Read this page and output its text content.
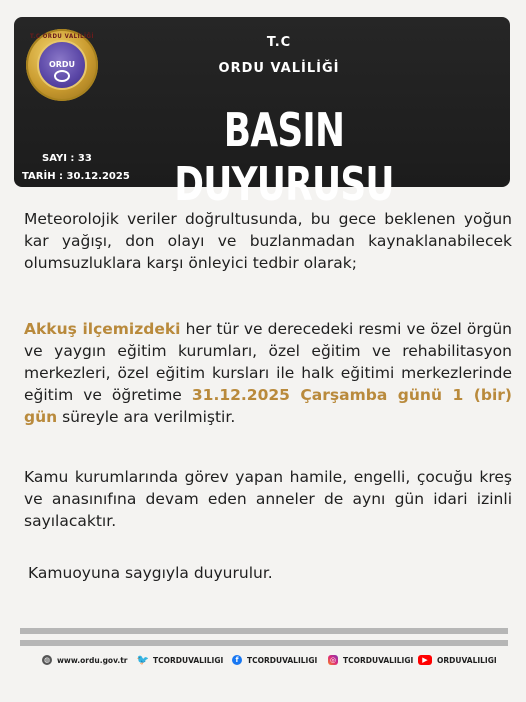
T.C ORDU VALİLİĞİ
ORDU
T.C
ORDU VALİLİĞİ
BASIN DUYURUSU
SAYI : 33
TARİH : 30.12.2025
Meteorolojik veriler doğrultusunda, bu gece beklenen yoğun kar yağışı, don olayı ve buzlanmadan kaynaklanabilecek olumsuzluklara karşı önleyici tedbir olarak;
Akkuş ilçemizdeki her tür ve derecedeki resmi ve özel örgün ve yaygın eğitim kurumları, özel eğitim ve rehabilitasyon merkezleri, özel eğitim kursları ile halk eğitimi merkezlerinde eğitim ve öğretime 31.12.2025 Çarşamba günü 1 (bir) gün süreyle ara verilmiştir.
Kamu kurumlarında görev yapan hamile, engelli, çocuğu kreş ve anasınıfına devam eden anneler de aynı gün idari izinli sayılacaktır.
Kamuoyuna saygıyla duyurulur.
◍ www.ordu.gov.tr 🐦 TCORDUVALILIGI	f	TCORDUVALILIGI ◎ TCORDUVALILIGI	▶	ORDUVALILIGI
